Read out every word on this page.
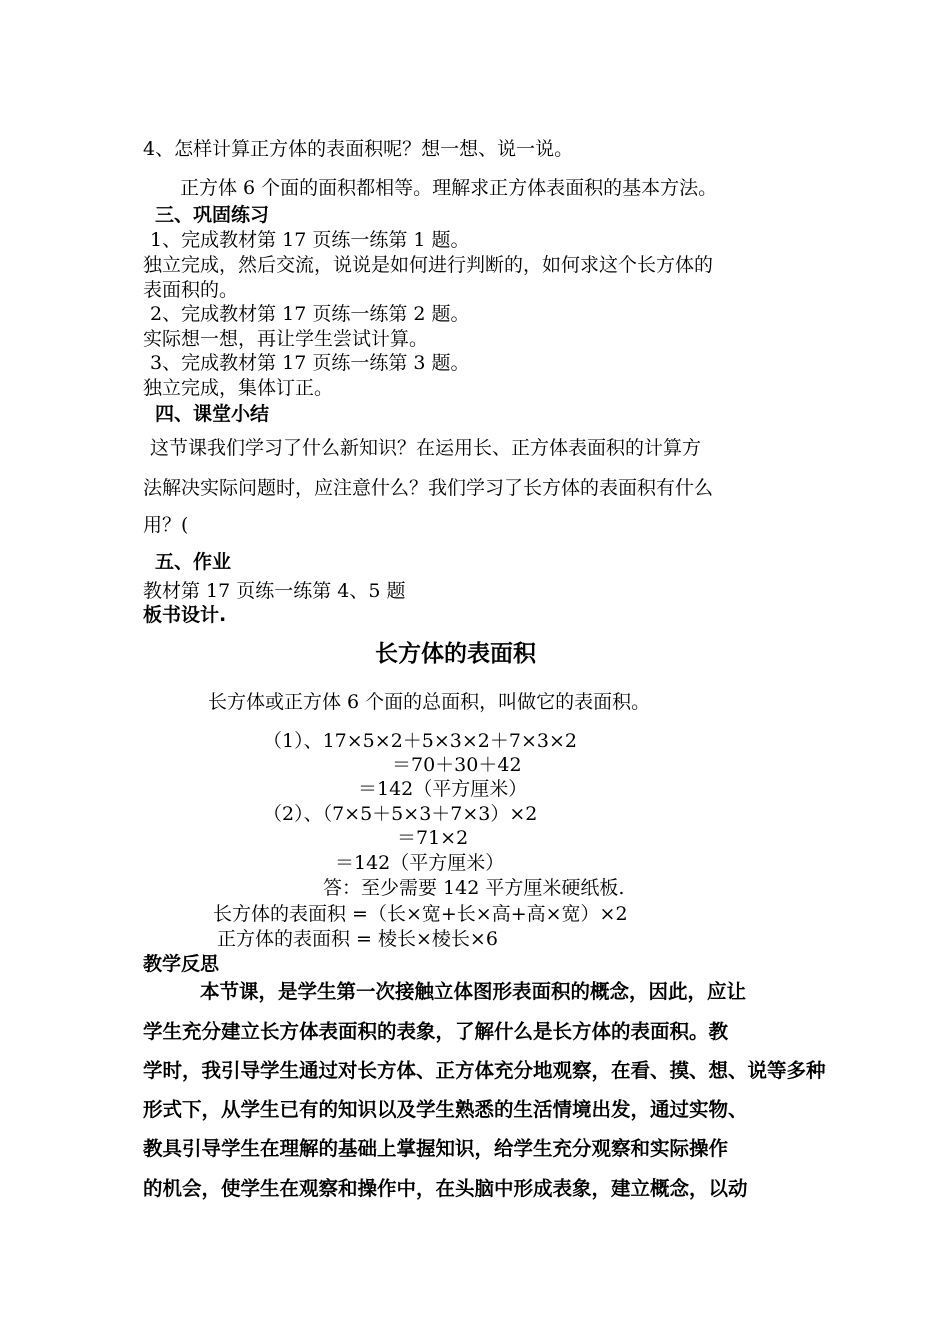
4、怎样计算正方体的表面积呢？想一想、说一说。
正方体 6 个面的面积都相等。理解求正方体表面积的基本方法。
三、巩固练习
1、完成教材第 17 页练一练第 1 题。
独立完成，然后交流，说说是如何进行判断的，如何求这个长方体的
表面积的。
2、完成教材第 17 页练一练第 2 题。
实际想一想，再让学生尝试计算。
3、完成教材第 17 页练一练第 3 题。
独立完成，集体订正。
四、课堂小结
这节课我们学习了什么新知识？在运用长、正方体表面积的计算方
法解决实际问题时，应注意什么？我们学习了长方体的表面积有什么
用？(
五、作业
教材第 17 页练一练第 4、5 题
板书设计.
长方体的表面积
长方体或正方体 6 个面的总面积，叫做它的表面积。
（1）、17×5×2＋5×3×2＋7×3×2
＝70＋30＋42
＝142（平方厘米）
（2）、（7×5＋5×3＋7×3）×2
＝71×2
＝142（平方厘米）
答：至少需要 142 平方厘米硬纸板.
长方体的表面积 =（长×宽+长×高+高×宽）×2
正方体的表面积 = 棱长×棱长×6
教学反思
本节课，是学生第一次接触立体图形表面积的概念，因此，应让
学生充分建立长方体表面积的表象，了解什么是长方体的表面积。教
学时，我引导学生通过对长方体、正方体充分地观察，在看、摸、想、说等多种
形式下，从学生已有的知识以及学生熟悉的生活情境出发，通过实物、
教具引导学生在理解的基础上掌握知识，给学生充分观察和实际操作
的机会，使学生在观察和操作中，在头脑中形成表象，建立概念，以动
